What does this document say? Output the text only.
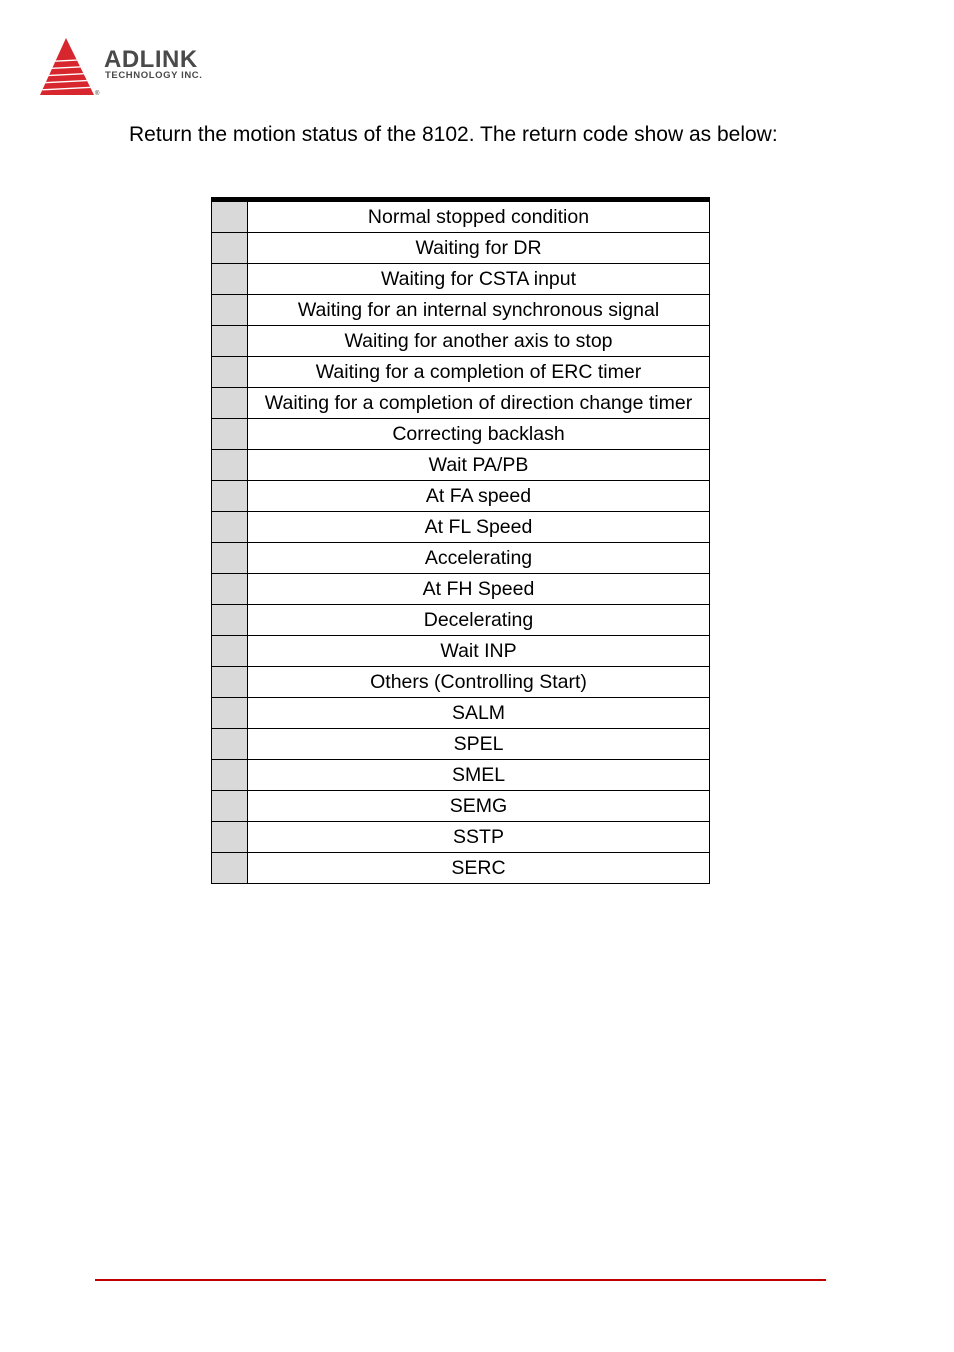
®
ADLINK
TECHNOLOGY INC.

Return the motion status of the 8102. The return code show as below:

	Normal stopped condition
	Waiting for DR
	Waiting for CSTA input
	Waiting for an internal synchronous signal
	Waiting for another axis to stop
	Waiting for a completion of ERC timer
	Waiting for a completion of direction change timer
	Correcting backlash
	Wait PA/PB
	At FA speed
	At FL Speed
	Accelerating
	At FH Speed
	Decelerating
	Wait INP
	Others (Controlling Start)
	SALM
	SPEL
	SMEL
	SEMG
	SSTP
	SERC
